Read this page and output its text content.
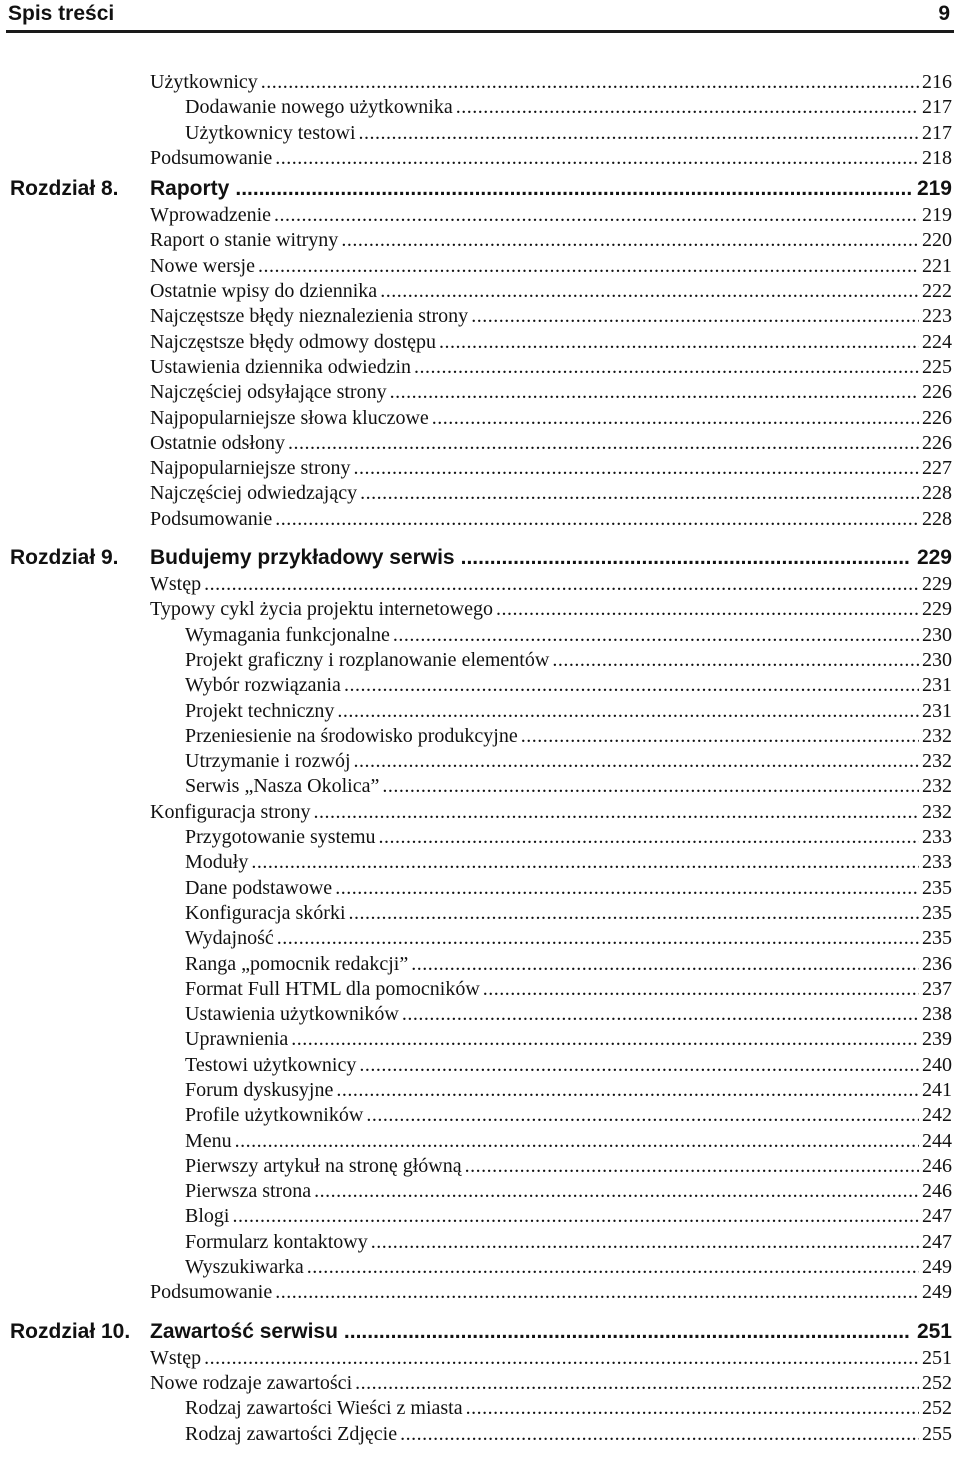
Spis treści	9
Użytkownicy .....	216
Dodawanie nowego użytkownika .....	217
Użytkownicy testowi .....	217
Podsumowanie .....	218
Rozdział 8.	Raporty .....	219
Wprowadzenie .....	219
Raport o stanie witryny .....	220
Nowe wersje .....	221
Ostatnie wpisy do dziennika .....	222
Najczęstsze błędy nieznalezienia strony .....	223
Najczęstsze błędy odmowy dostępu .....	224
Ustawienia dziennika odwiedzin .....	225
Najczęściej odsyłające strony .....	226
Najpopularniejsze słowa kluczowe .....	226
Ostatnie odsłony .....	226
Najpopularniejsze strony .....	227
Najczęściej odwiedzający .....	228
Podsumowanie .....	228
Rozdział 9.	Budujemy przykładowy serwis .....	229
Wstęp .....	229
Typowy cykl życia projektu internetowego .....	229
Wymagania funkcjonalne .....	230
Projekt graficzny i rozplanowanie elementów .....	230
Wybór rozwiązania .....	231
Projekt techniczny .....	231
Przeniesienie na środowisko produkcyjne .....	232
Utrzymanie i rozwój .....	232
Serwis „Nasza Okolica” .....	232
Konfiguracja strony .....	232
Przygotowanie systemu .....	233
Moduły .....	233
Dane podstawowe .....	235
Konfiguracja skórki .....	235
Wydajność .....	235
Ranga „pomocnik redakcji” .....	236
Format Full HTML dla pomocników .....	237
Ustawienia użytkowników .....	238
Uprawnienia .....	239
Testowi użytkownicy .....	240
Forum dyskusyjne .....	241
Profile użytkowników .....	242
Menu .....	244
Pierwszy artykuł na stronę główną .....	246
Pierwsza strona .....	246
Blogi .....	247
Formularz kontaktowy .....	247
Wyszukiwarka .....	249
Podsumowanie .....	249
Rozdział 10. Zawartość serwisu .....	251
Wstęp .....	251
Nowe rodzaje zawartości .....	252
Rodzaj zawartości Wieści z miasta .....	252
Rodzaj zawartości Zdjęcie .....	255
